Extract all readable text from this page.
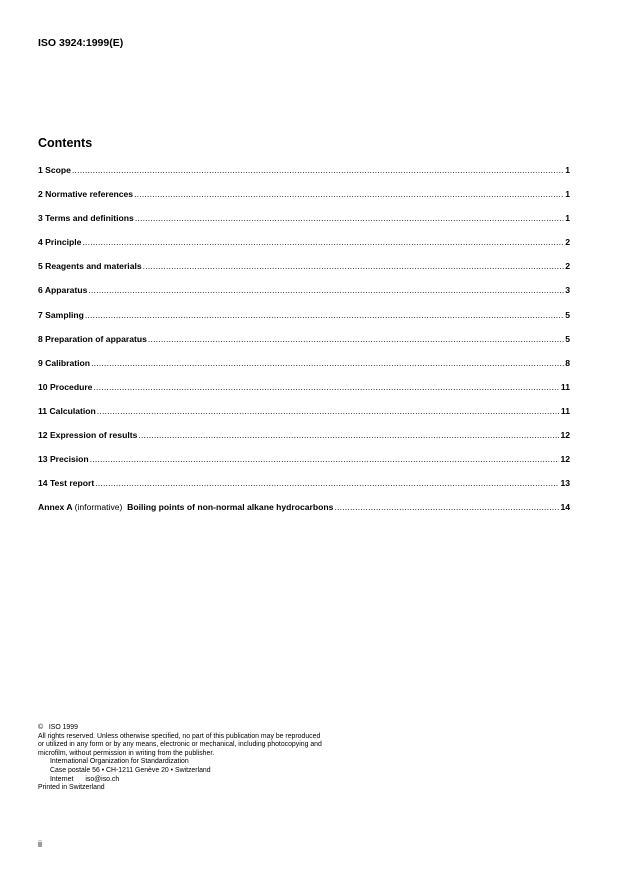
ISO 3924:1999(E)
Contents
1 Scope .....	1
2 Normative references .....	1
3 Terms and definitions .....	1
4 Principle .....	2
5 Reagents and materials .....	2
6 Apparatus .....	3
7 Sampling .....	5
8 Preparation of apparatus .....	5
9 Calibration .....	8
10 Procedure .....	11
11 Calculation .....	11
12 Expression of results .....	12
13 Precision .....	12
14 Test report .....	13
Annex A (informative) Boiling points of non-normal alkane hydrocarbons .....	14
©   ISO 1999
All rights reserved. Unless otherwise specified, no part of this publication may be reproduced
or utilized in any form or by any means, electronic or mechanical, including photocopying and
microfilm, without permission in writing from the publisher.
International Organization for Standardization
Case postale 56 • CH-1211 Genève 20 • Switzerland
Internet iso@iso.ch
Printed in Switzerland
ii
